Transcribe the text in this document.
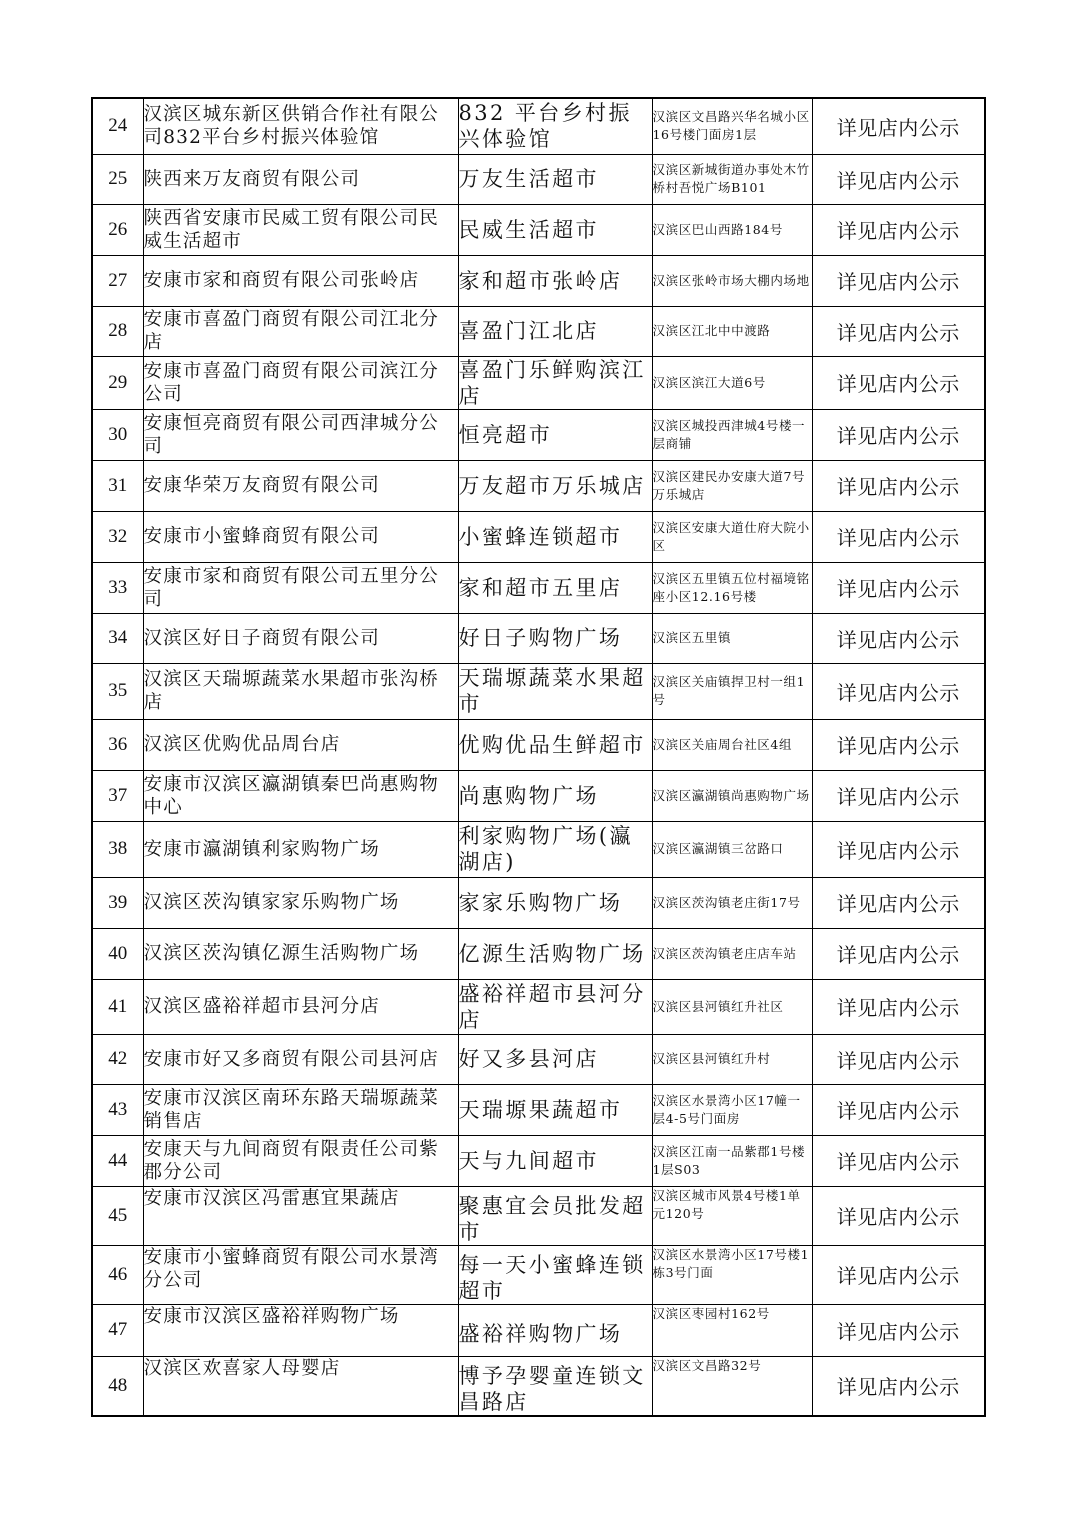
24	汉滨区城东新区供销合作社有限公司832平台乡村振兴体验馆	832 平台乡村振兴体验馆	汉滨区文昌路兴华名城小区16号楼门面房1层	详见店内公示
25	陕西来万友商贸有限公司	万友生活超市	汉滨区新城街道办事处木竹桥村吾悦广场B101	详见店内公示
26	陕西省安康市民威工贸有限公司民威生活超市	民威生活超市	汉滨区巴山西路184号	详见店内公示
27	安康市家和商贸有限公司张岭店	家和超市张岭店	汉滨区张岭市场大棚内场地	详见店内公示
28	安康市喜盈门商贸有限公司江北分店	喜盈门江北店	汉滨区江北中中渡路	详见店内公示
29	安康市喜盈门商贸有限公司滨江分公司	喜盈门乐鲜购滨江店	汉滨区滨江大道6号	详见店内公示
30	安康恒亮商贸有限公司西津城分公司	恒亮超市	汉滨区城投西津城4号楼一层商铺	详见店内公示
31	安康华荣万友商贸有限公司	万友超市万乐城店	汉滨区建民办安康大道7号万乐城店	详见店内公示
32	安康市小蜜蜂商贸有限公司	小蜜蜂连锁超市	汉滨区安康大道仕府大院小区	详见店内公示
33	安康市家和商贸有限公司五里分公司	家和超市五里店	汉滨区五里镇五位村福境铭座小区12.16号楼	详见店内公示
34	汉滨区好日子商贸有限公司	好日子购物广场	汉滨区五里镇	详见店内公示
35	汉滨区天瑞塬蔬菜水果超市张沟桥店	天瑞塬蔬菜水果超市	汉滨区关庙镇捍卫村一组1号	详见店内公示
36	汉滨区优购优品周台店	优购优品生鲜超市	汉滨区关庙周台社区4组	详见店内公示
37	安康市汉滨区瀛湖镇秦巴尚惠购物中心	尚惠购物广场	汉滨区瀛湖镇尚惠购物广场	详见店内公示
38	安康市瀛湖镇利家购物广场	利家购物广场(瀛湖店)	汉滨区瀛湖镇三岔路口	详见店内公示
39	汉滨区茨沟镇家家乐购物广场	家家乐购物广场	汉滨区茨沟镇老庄街17号	详见店内公示
40	汉滨区茨沟镇亿源生活购物广场	亿源生活购物广场	汉滨区茨沟镇老庄店车站	详见店内公示
41	汉滨区盛裕祥超市县河分店	盛裕祥超市县河分店	汉滨区县河镇红升社区	详见店内公示
42	安康市好又多商贸有限公司县河店	好又多县河店	汉滨区县河镇红升村	详见店内公示
43	安康市汉滨区南环东路天瑞塬蔬菜销售店	天瑞塬果蔬超市	汉滨区水景湾小区17幢一层4-5号门面房	详见店内公示
44	安康天与九间商贸有限责任公司紫郡分公司	天与九间超市	汉滨区江南一品紫郡1号楼1层S03	详见店内公示
45	安康市汉滨区冯雷惠宜果蔬店	聚惠宜会员批发超市	汉滨区城市风景4号楼1单元120号	详见店内公示
46	安康市小蜜蜂商贸有限公司水景湾分公司	每一天小蜜蜂连锁超市	汉滨区水景湾小区17号楼1栋3号门面	详见店内公示
47	安康市汉滨区盛裕祥购物广场	盛裕祥购物广场	汉滨区枣园村162号	详见店内公示
48	汉滨区欢喜家人母婴店	博予孕婴童连锁文昌路店	汉滨区文昌路32号	详见店内公示
